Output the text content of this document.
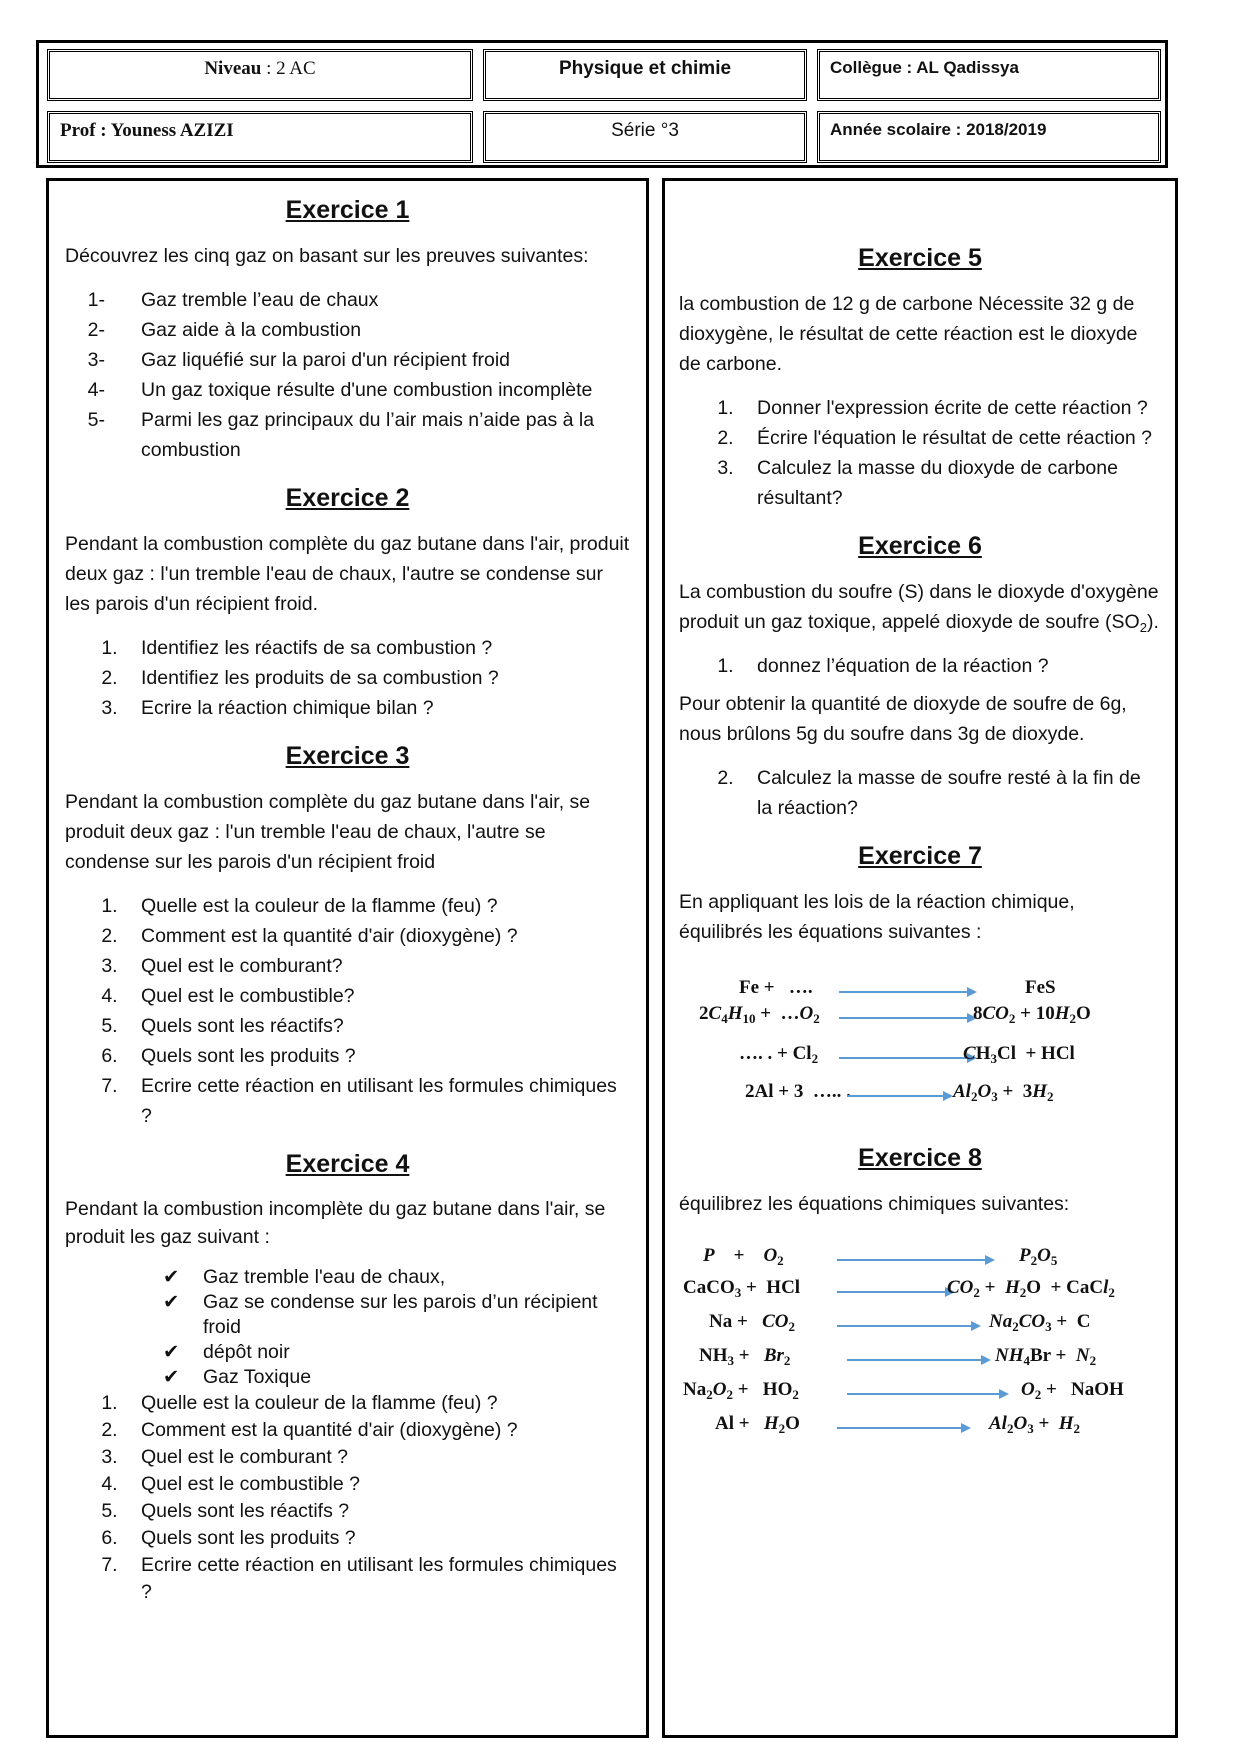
Niveau : 2 AC	Physique et chimie	Collègue : AL Qadissya
Prof : Youness AZIZI	Série °3	Année scolaire : 2018/2019
Exercice 1
Découvrez les cinq gaz on basant sur les preuves suivantes:
1- Gaz tremble l’eau de chaux
2- Gaz aide à la combustion
3- Gaz liquéfié sur la paroi d'un récipient froid
4- Un gaz toxique résulte d'une combustion incomplète
5- Parmi les gaz principaux du l’air mais n’aide pas à la combustion
Exercice 2
Pendant la combustion complète du gaz butane dans l'air, produit deux gaz : l'un tremble l'eau de chaux, l'autre se condense sur les parois d'un récipient froid.
1. Identifiez les réactifs de sa combustion ?
2. Identifiez les produits de sa combustion ?
3. Ecrire la réaction chimique bilan ?
Exercice 3
Pendant la combustion complète du gaz butane dans l'air, se produit deux gaz : l'un tremble l'eau de chaux, l'autre se condense sur les parois d'un récipient froid
1. Quelle est la couleur de la flamme (feu) ?
2. Comment est la quantité d'air (dioxygène) ?
3. Quel est le comburant?
4. Quel est le combustible?
5. Quels sont les réactifs?
6. Quels sont les produits ?
7. Ecrire cette réaction en utilisant les formules chimiques ?
Exercice 4
Pendant la combustion incomplète du gaz butane dans l'air, se produit les gaz suivant :
✔ Gaz tremble l'eau de chaux,
✔ Gaz se condense sur les parois d’un récipient froid
✔ dépôt noir
✔ Gaz Toxique
1. Quelle est la couleur de la flamme (feu) ?
2. Comment est la quantité d'air (dioxygène) ?
3. Quel est le comburant ?
4. Quel est le combustible ?
5. Quels sont les réactifs ?
6. Quels sont les produits ?
7. Ecrire cette réaction en utilisant les formules chimiques ?
Exercice 5
la combustion de 12 g de carbone Nécessite 32 g de dioxygène, le résultat de cette réaction est le dioxyde de carbone.
1. Donner l'expression écrite de cette réaction ?
2. Écrire l'équation le résultat de cette réaction ?
3. Calculez la masse du dioxyde de carbone résultant?
Exercice 6
La combustion du soufre (S) dans le dioxyde d'oxygène produit un gaz toxique, appelé dioxyde de soufre $(SO_2)$.
1. donnez l’équation de la réaction ?
Pour obtenir la quantité de dioxyde de soufre de 6g, nous brûlons 5g du soufre dans 3g de dioxyde.
2. Calculez la masse de soufre resté à la fin de la réaction?
Exercice 7
En appliquant les lois de la réaction chimique, équilibrés les équations suivantes :
Fe +   ….	FeS
$2C_4H_{10}$ +  $\dots O_2$	$8CO_2 + 10H_2O$
…. . + $Cl_2$	$CH_3Cl$  + HCl
2Al + 3  ….. .	$Al_2O_3 + 3H_2$
Exercice 8
équilibrez les équations chimiques suivantes:
P    +    $O_2$	$P_2O_5$
CaCO$_3$ +  HCl	$CO_2 + H_2O$  + CaCl$_2$
$Na + CO_2$	$Na_2CO_3 + C$
$NH_3 + Br_2$	$NH_4Br + N_2$
$Na_2O_2 + HO_2$	$O_2$ +   NaOH
$Al + H_2O$	$Al_2O_3 + H_2$
